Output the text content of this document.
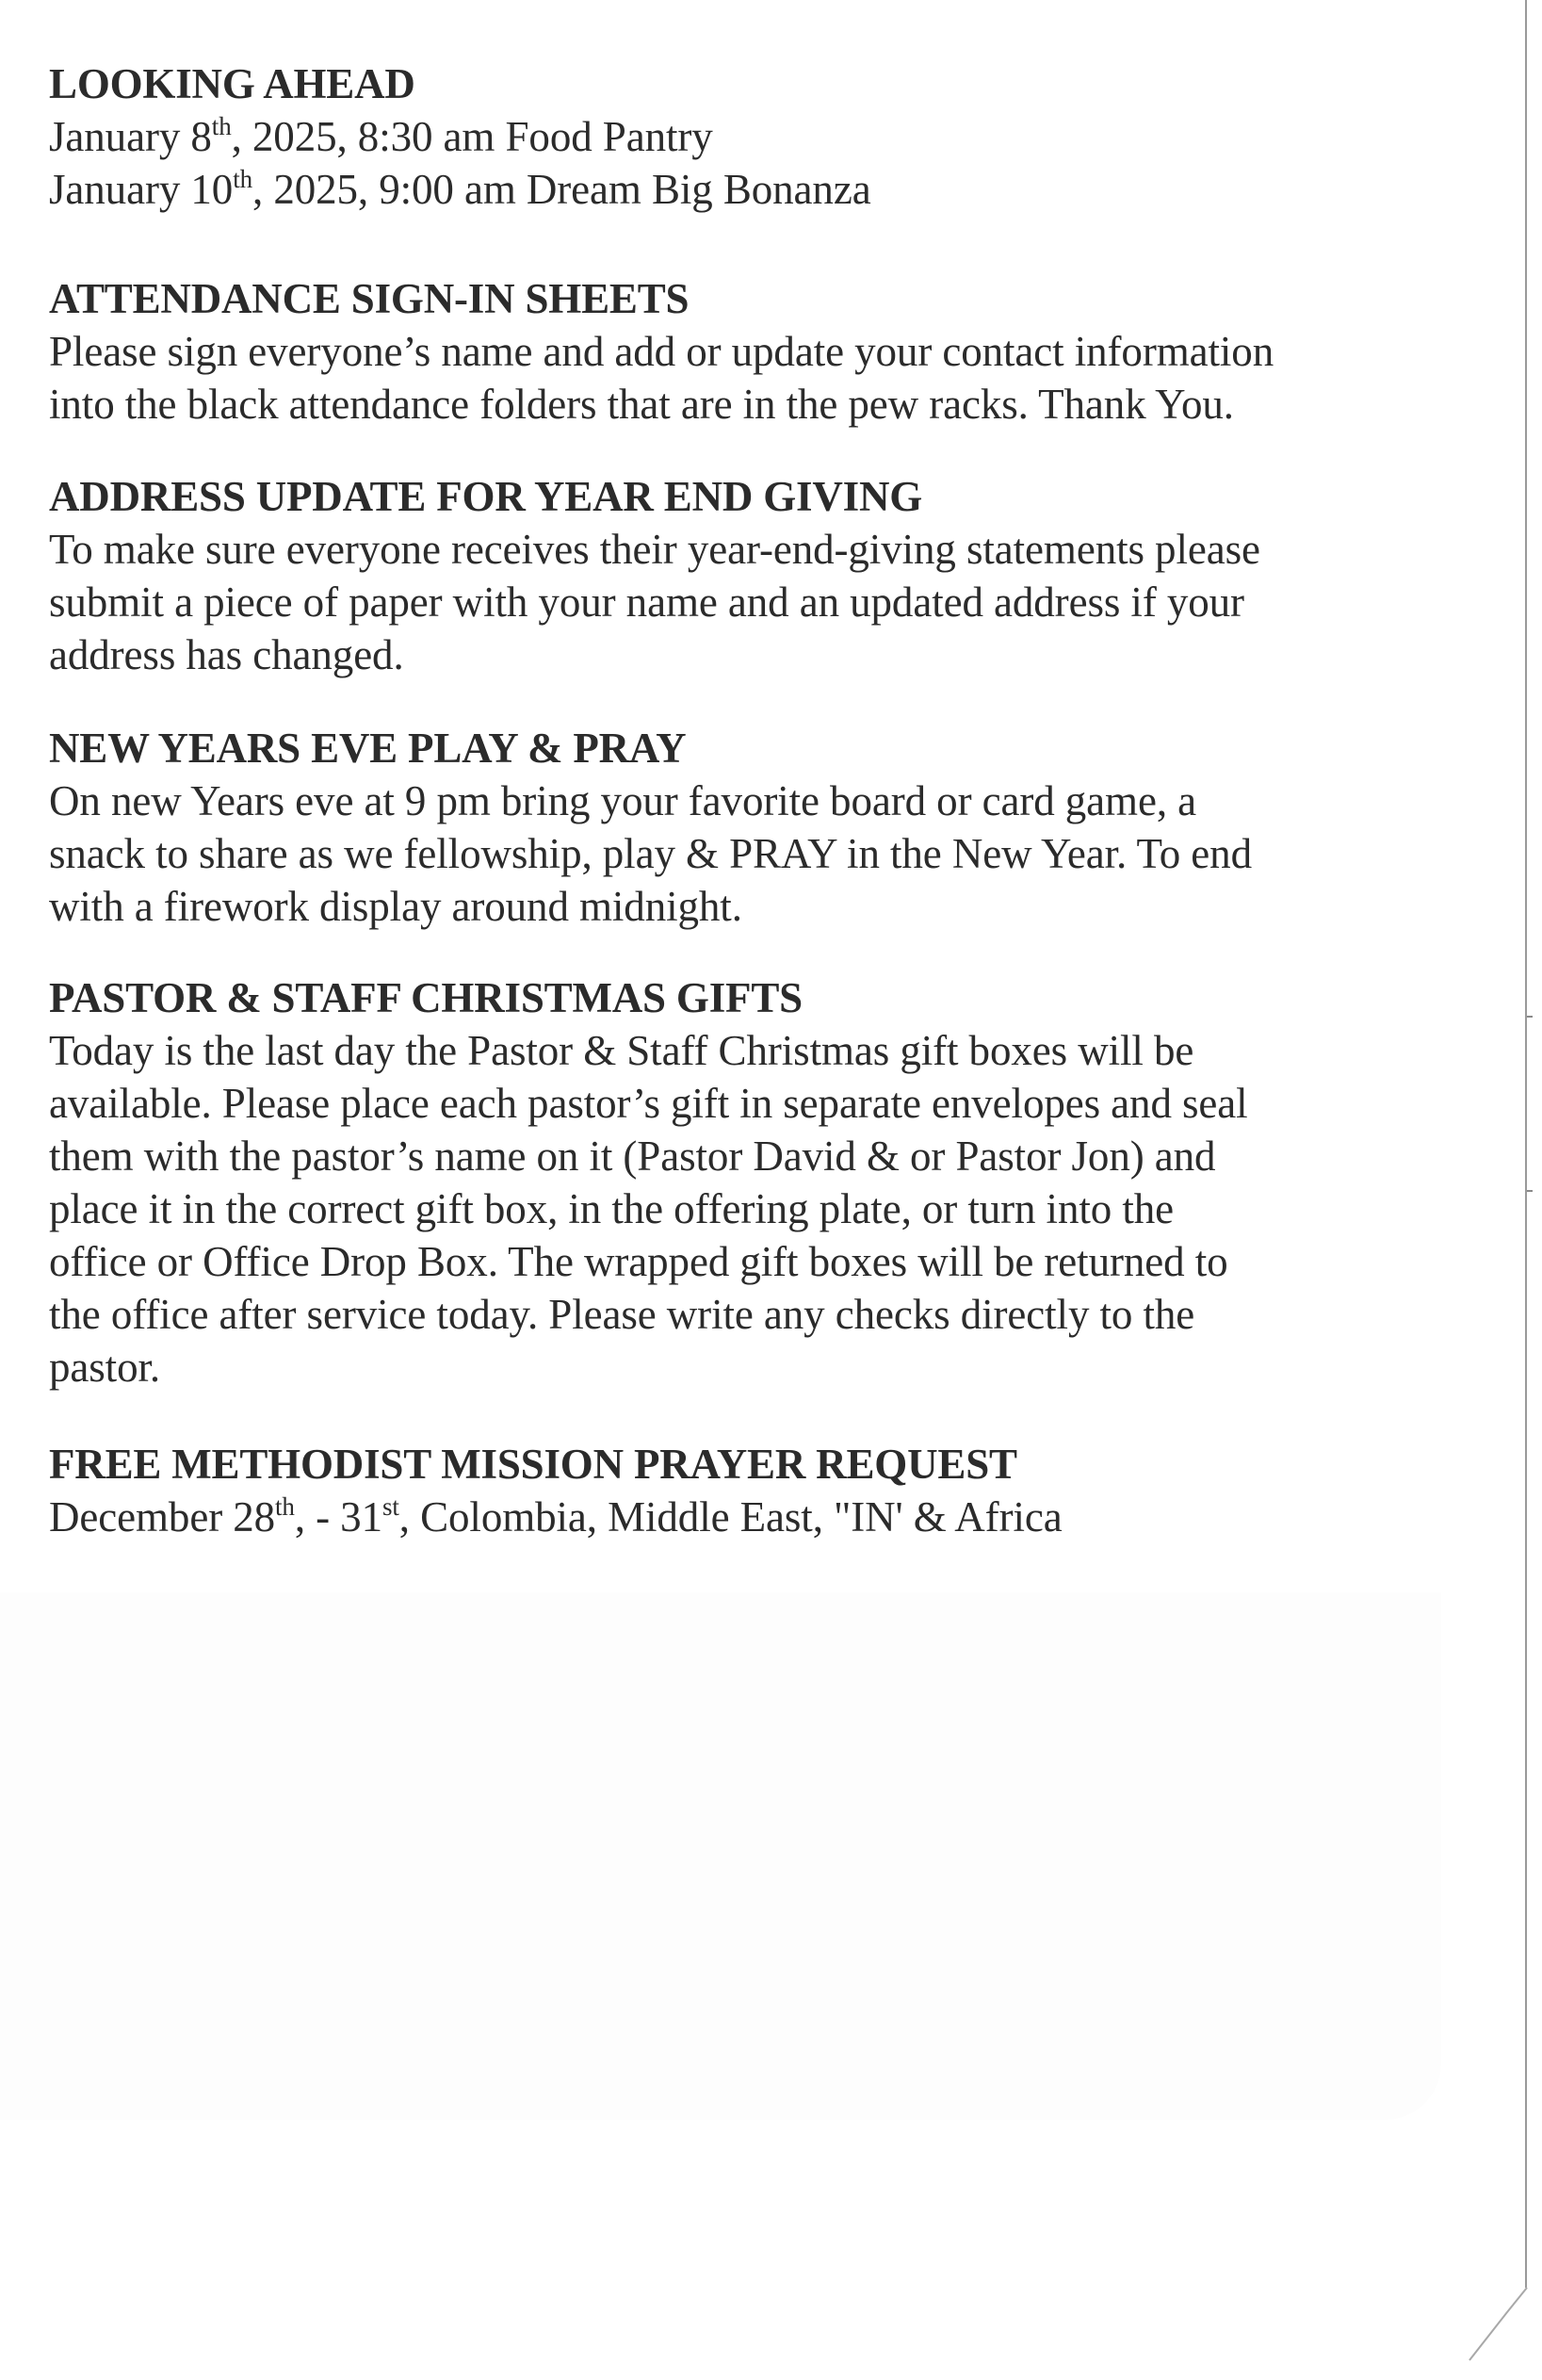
LOOKING AHEAD
January 8th, 2025, 8:30 am Food Pantry
January 10th, 2025, 9:00 am Dream Big Bonanza
ATTENDANCE SIGN-IN SHEETS
Please sign everyone’s name and add or update your contact information
into the black attendance folders that are in the pew racks. Thank You.
ADDRESS UPDATE FOR YEAR END GIVING
To make sure everyone receives their year-end-giving statements please
submit a piece of paper with your name and an updated address if your
address has changed.
NEW YEARS EVE PLAY & PRAY
On new Years eve at 9 pm bring your favorite board or card game, a
snack to share as we fellowship, play & PRAY in the New Year. To end
with a firework display around midnight.
PASTOR & STAFF CHRISTMAS GIFTS
Today is the last day the Pastor & Staff Christmas gift boxes will be
available. Please place each pastor’s gift in separate envelopes and seal
them with the pastor’s name on it (Pastor David & or Pastor Jon) and
place it in the correct gift box, in the offering plate, or turn into the
office or Office Drop Box. The wrapped gift boxes will be returned to
the office after service today. Please write any checks directly to the
pastor.
FREE METHODIST MISSION PRAYER REQUEST
December 28th, - 31st, Colombia, Middle East, "IN' & Africa
